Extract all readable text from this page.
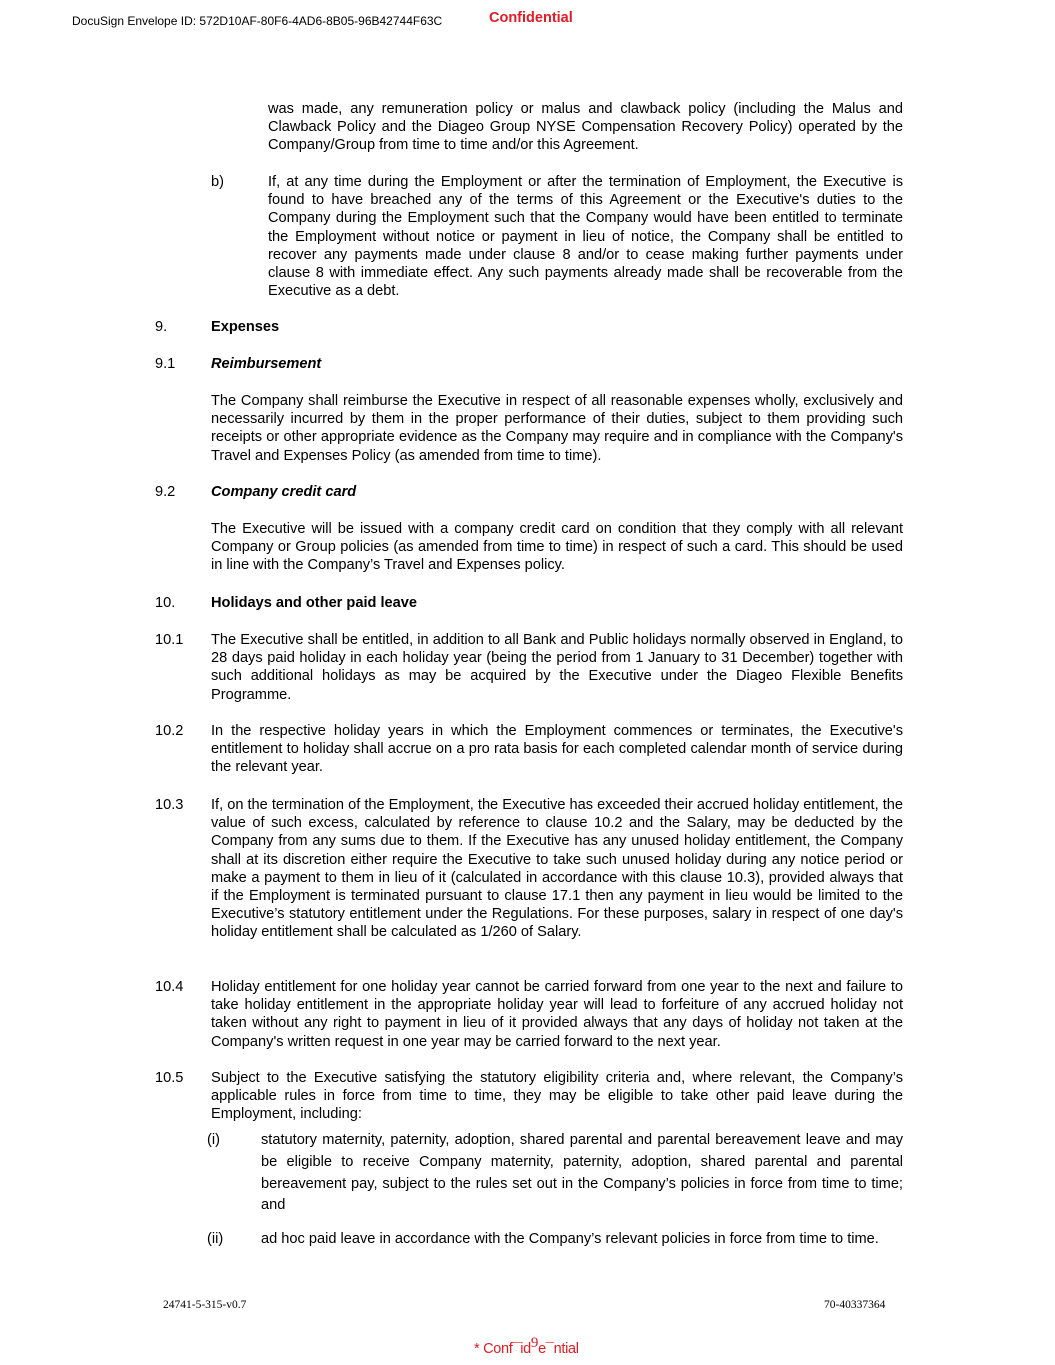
DocuSign Envelope ID: 572D10AF-80F6-4AD6-8B05-96B42744F63C	Confidential

was made, any remuneration policy or malus and clawback policy (including the Malus and Clawback Policy and the Diageo Group NYSE Compensation Recovery Policy) operated by the Company/Group from time to time and/or this Agreement.

b)	If, at any time during the Employment or after the termination of Employment, the Executive is found to have breached any of the terms of this Agreement or the Executive's duties to the Company during the Employment such that the Company would have been entitled to terminate the Employment without notice or payment in lieu of notice, the Company shall be entitled to recover any payments made under clause 8 and/or to cease making further payments under clause 8 with immediate effect. Any such payments already made shall be recoverable from the Executive as a debt.

9.	Expenses
9.1 Reimbursement

The Company shall reimburse the Executive in respect of all reasonable expenses wholly, exclusively and necessarily incurred by them in the proper performance of their duties, subject to them providing such receipts or other appropriate evidence as the Company may require and in compliance with the Company's Travel and Expenses Policy (as amended from time to time).

9.2 Company credit card

The Executive will be issued with a company credit card on condition that they comply with all relevant Company or Group policies (as amended from time to time) in respect of such a card. This should be used in line with the Company’s Travel and Expenses policy.

10. Holidays and other paid leave
10.1 The Executive shall be entitled, in addition to all Bank and Public holidays normally observed in England, to 28 days paid holiday in each holiday year (being the period from 1 January to 31 December) together with such additional holidays as may be acquired by the Executive under the Diageo Flexible Benefits Programme.

10.2 In the respective holiday years in which the Employment commences or terminates, the Executive's entitlement to holiday shall accrue on a pro rata basis for each completed calendar month of service during the relevant year.

10.3 If, on the termination of the Employment, the Executive has exceeded their accrued holiday entitlement, the value of such excess, calculated by reference to clause 10.2 and the Salary, may be deducted by the Company from any sums due to them. If the Executive has any unused holiday entitlement, the Company shall at its discretion either require the Executive to take such unused holiday during any notice period or make a payment to them in lieu of it (calculated in accordance with this clause 10.3), provided always that if the Employment is terminated pursuant to clause 17.1 then any payment in lieu would be limited to the Executive’s statutory entitlement under the Regulations. For these purposes, salary in respect of one day's holiday entitlement shall be calculated as 1/260 of Salary.

10.4 Holiday entitlement for one holiday year cannot be carried forward from one year to the next and failure to take holiday entitlement in the appropriate holiday year will lead to forfeiture of any accrued holiday not taken without any right to payment in lieu of it provided always that any days of holiday not taken at the Company's written request in one year may be carried forward to the next year.

10.5 Subject to the Executive satisfying the statutory eligibility criteria and, where relevant, the Company’s applicable rules in force from time to time, they may be eligible to take other paid leave during the Employment, including:

(i)	statutory maternity, paternity, adoption, shared parental and parental bereavement leave and may be eligible to receive Company maternity, paternity, adoption, shared parental and parental bereavement pay, subject to the rules set out in the Company’s policies in force from time to time; and

(ii)	ad hoc paid leave in accordance with the Company’s relevant policies in force from time to time.

24741-5-315-v0.7	70-40337364
* Conf¯id9e¯ntial
